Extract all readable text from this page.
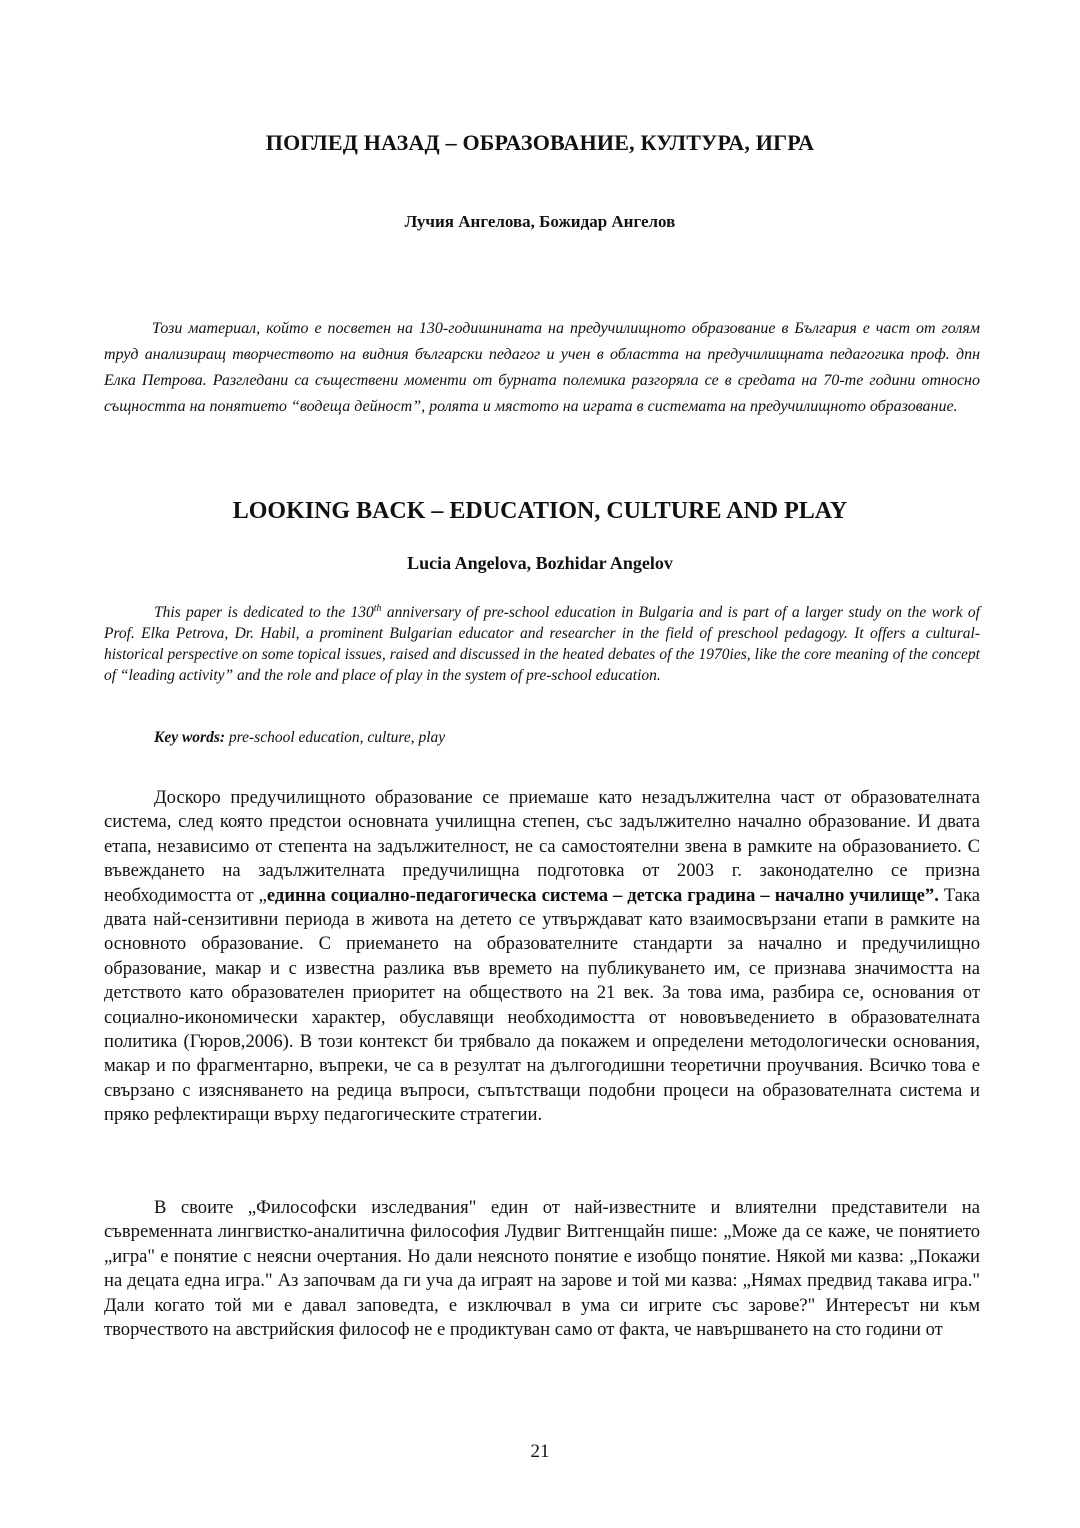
ПОГЛЕД НАЗАД – ОБРАЗОВАНИЕ, КУЛТУРА, ИГРА

Лучия Ангелова, Божидар Ангелов

Този материал, който е посветен на 130-годишнината на предучилищното образование в България е част от голям труд анализиращ творчеството на видния български педагог и учен в областта на предучилищната педагогика проф. дпн Елка Петрова. Разгледани са съществени моменти от бурната полемика разгоряла се в средата на 70-те години относно същността на понятието “водеща дейност”, ролята и мястото на играта в системата на предучилищното образование.

LOOKING BACK – EDUCATION, CULTURE AND PLAY

Lucia Angelova, Bozhidar Angelov

This paper is dedicated to the 130th anniversary of pre-school education in Bulgaria and is part of a larger study on the work of Prof. Elka Petrova, Dr. Habil, a prominent Bulgarian educator and researcher in the field of preschool pedagogy. It offers a cultural-historical perspective on some topical issues, raised and discussed in the heated debates of the 1970ies, like the core meaning of the concept of “leading activity” and the role and place of play in the system of pre-school education.

Key words: pre-school education, culture, play

Доскоро предучилищното образование се приемаше като незадължителна част от образователната система, след която предстои основната училищна степен, със задължително начално образование. И двата етапа, независимо от степента на задължителност, не са самостоятелни звена в рамките на образованието. С въвеждането на задължителната предучилищна подготовка от 2003 г. законодателно се призна необходимостта от „единна социално-педагогическа система – детска градина – начално училище”. Така двата най-сензитивни периода в живота на детето се утвърждават като взаимосвързани етапи в рамките на основното образование. С приемането на образователните стандарти за начално и предучилищно образование, макар и с известна разлика във времето на публикуването им, се признава значимостта на детството като образователен приоритет на обществото на 21 век. За това има, разбира се, основания от социално-икономически характер, обуславящи необходимостта от нововъведението в образователната политика (Гюров,2006). В този контекст би трябвало да покажем и определени методологически основания, макар и по фрагментарно, въпреки, че са в резултат на дългогодишни теоретични проучвания. Всичко това е свързано с изясняването на редица въпроси, съпътстващи подобни процеси на образователната система и пряко рефлектиращи върху педагогическите стратегии.

В своите „Философски изследвания" един от най-известните и влиятелни представители на съвременната лингвистко-аналитична философия Лудвиг Витгенщайн пише: „Може да се каже, че понятието „игра" е понятие с неясни очертания. Но дали неясното понятие е изобщо понятие. Някой ми казва: „Покажи на децата една игра." Аз започвам да ги уча да играят на зарове и той ми казва: „Нямах предвид такава игра." Дали когато той ми е давал заповедта, е изключвал в ума си игрите със зарове?" Интересът ни към творчеството на австрийския философ не е продиктуван само от факта, че навършването на сто години от

21
